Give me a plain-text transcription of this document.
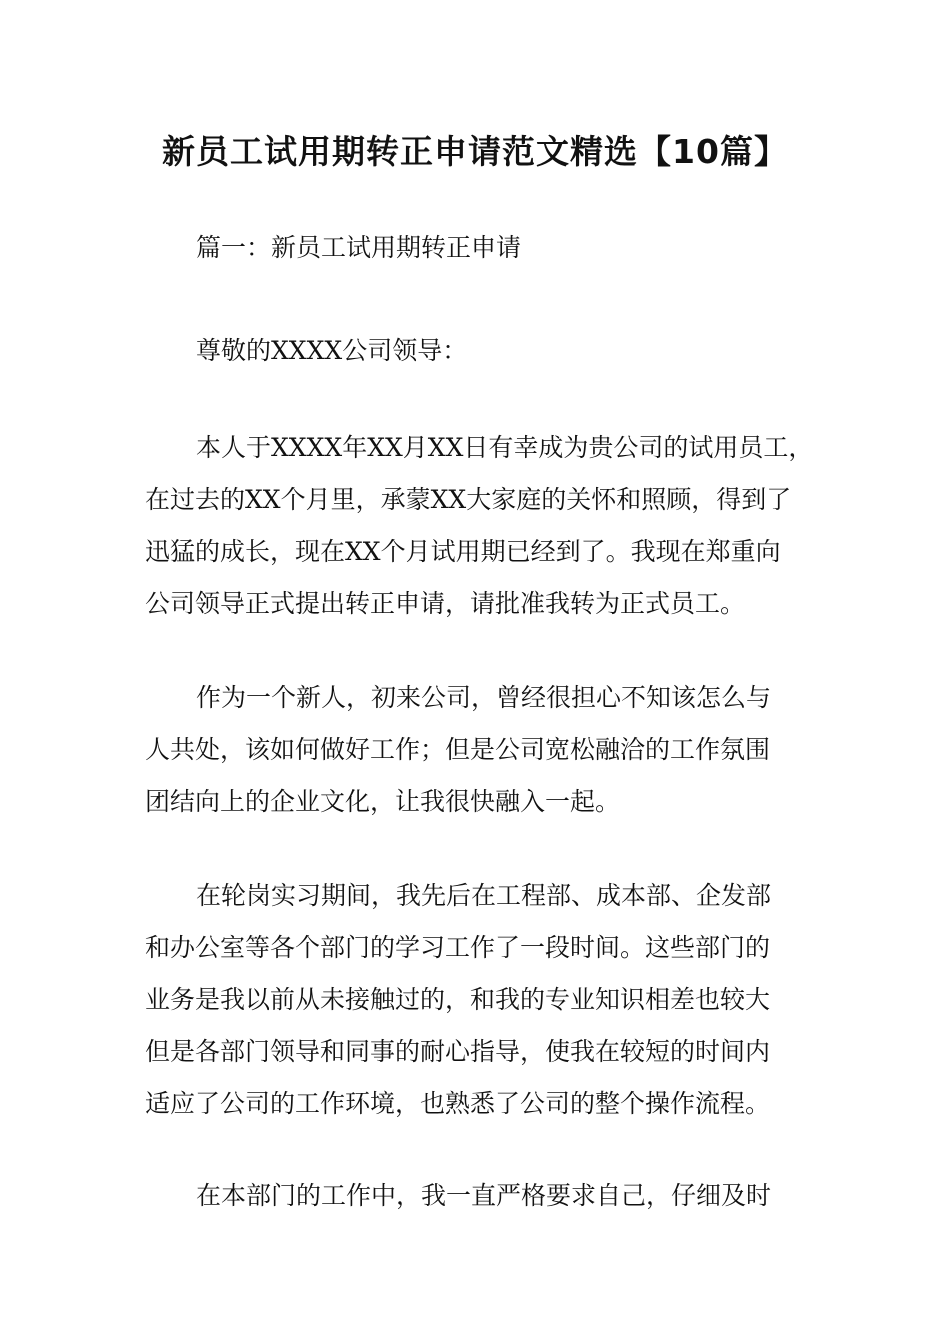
新员工试用期转正申请范文精选【10篇】

篇一：新员工试用期转正申请

尊敬的XXXX公司领导：

本人于XXXX年XX月XX日有幸成为贵公司的试用员工，

在过去的XX个月里，承蒙XX大家庭的关怀和照顾，得到了

迅猛的成长，现在XX个月试用期已经到了。我现在郑重向

公司领导正式提出转正申请，请批准我转为正式员工。

作为一个新人，初来公司，曾经很担心不知该怎么与

人共处，该如何做好工作；但是公司宽松融洽的工作氛围

团结向上的企业文化，让我很快融入一起。

在轮岗实习期间，我先后在工程部、成本部、企发部

和办公室等各个部门的学习工作了一段时间。这些部门的

业务是我以前从未接触过的，和我的专业知识相差也较大

但是各部门领导和同事的耐心指导，使我在较短的时间内

适应了公司的工作环境，也熟悉了公司的整个操作流程。

在本部门的工作中，我一直严格要求自己，仔细及时
